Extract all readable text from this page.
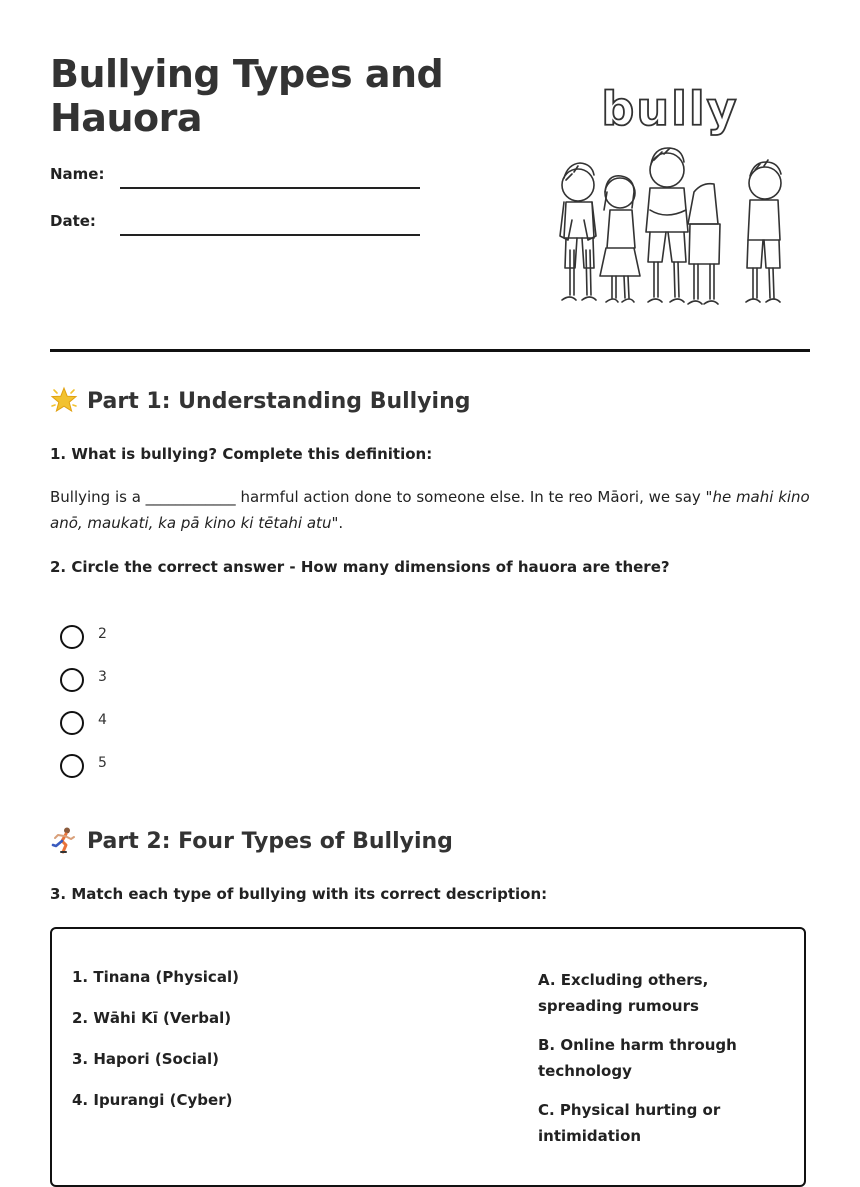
Bullying Types and Hauora
Name:
Date:
bully
Part 1: Understanding Bullying
1. What is bullying? Complete this definition:
Bullying is a ____________ harmful action done to someone else. In te reo Māori, we say "he mahi kino anō, maukati, ka pā kino ki tētahi atu".
2. Circle the correct answer - How many dimensions of hauora are there?
2
3
4
5
Part 2: Four Types of Bullying
3. Match each type of bullying with its correct description:
1. Tinana (Physical)
2. Wāhi Kī (Verbal)
3. Hapori (Social)
4. Ipurangi (Cyber)
A. Excluding others, spreading rumours
B. Online harm through technology
C. Physical hurting or intimidation
